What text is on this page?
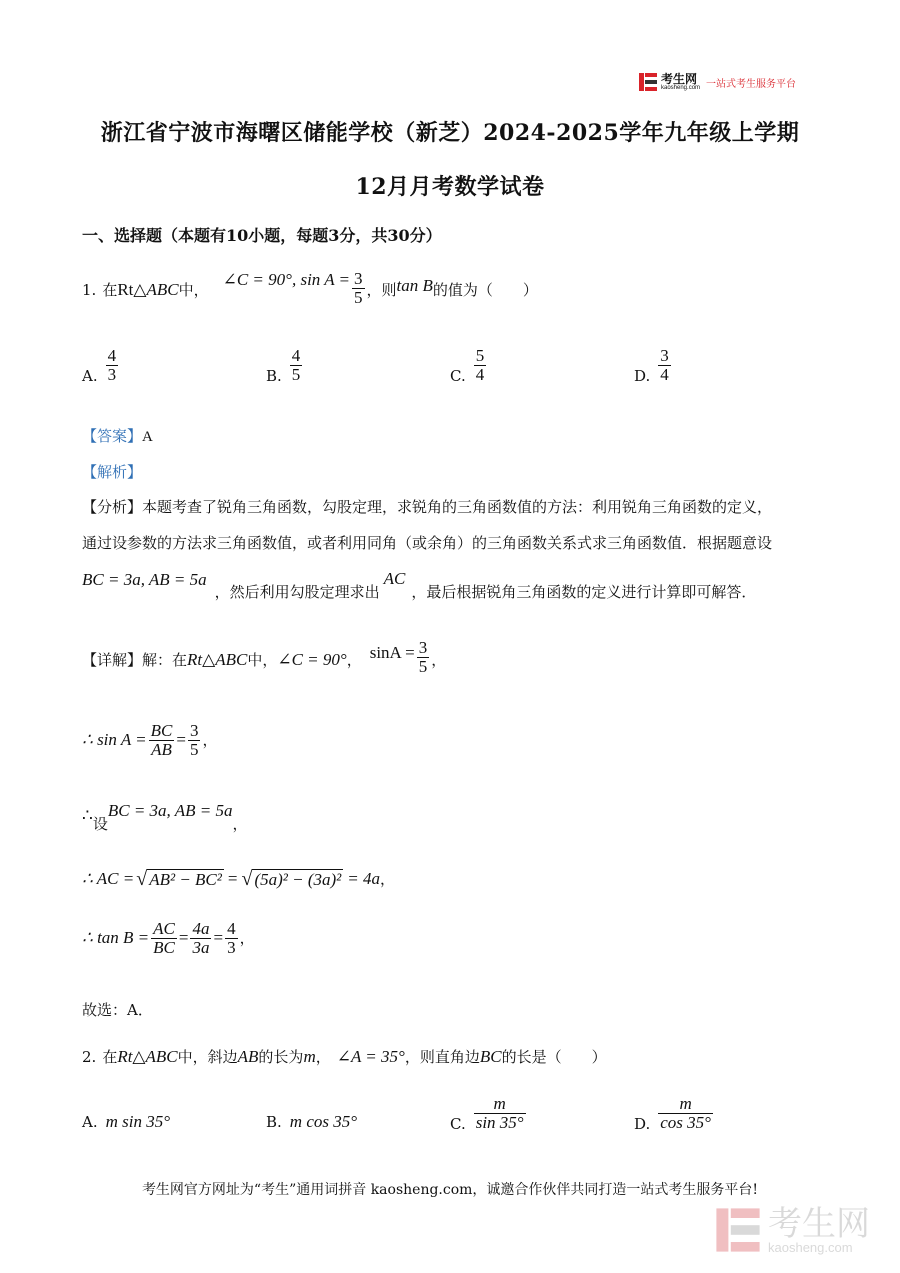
考生网
kaosheng.com 一站式考生服务平台
浙江省宁波市海曙区储能学校（新芝）2024-2025学年九年级上学期
12月月考数学试卷
一、选择题（本题有10小题，每题3分，共30分）
1. 在 Rt△ ABC 中，
∠C = 90°, $\sin A = \frac{3}{5}$ ，则 tan B 的值为（　　）
A. $\frac{4}{3}$	B. $\frac{4}{5}$	C. $\frac{5}{4}$	D. $\frac{3}{4}$
【答案】A
【解析】
【分析】本题考查了锐角三角函数，勾股定理，求锐角的三角函数值的方法：利用锐角三角函数的定义，
通过设参数的方法求三角函数值，或者利用同角（或余角）的三角函数关系式求三角函数值．根据题意设
BC = 3a, AB = 5a
，然后利用勾股定理求出
AC
，最后根据锐角三角函数的定义进行计算即可解答．
【详解】 解：在 Rt△ABC 中， ∠C = 90° ， $\sin A = \frac{3}{5}$ ，
∴ $\sin A = \frac{BC}{AB} = \frac{3}{5}$ ，
∴ 设
BC = 3a, AB = 5a
，
∴ AC = √ AB² − BC² = √ (5a)² − (3a)² = 4a ，
∴ $\tan B = \frac{AC}{BC} = \frac{4a}{3a} = \frac{4}{3}$ ，
故选：A．
2. 在 Rt△ABC 中，斜边 AB 的长为 m ， ∠A = 35° ，则直角边 BC 的长是（　　）
A. m sin 35°	B. m cos 35°	C. $\frac{m}{\sin 35^\circ}$	D. $\frac{m}{\cos 35^\circ}$
考生网官方网址为“考生”通用词拼音 kaosheng.com，诚邀合作伙伴共同打造一站式考生服务平台!
考生网
kaosheng.com
